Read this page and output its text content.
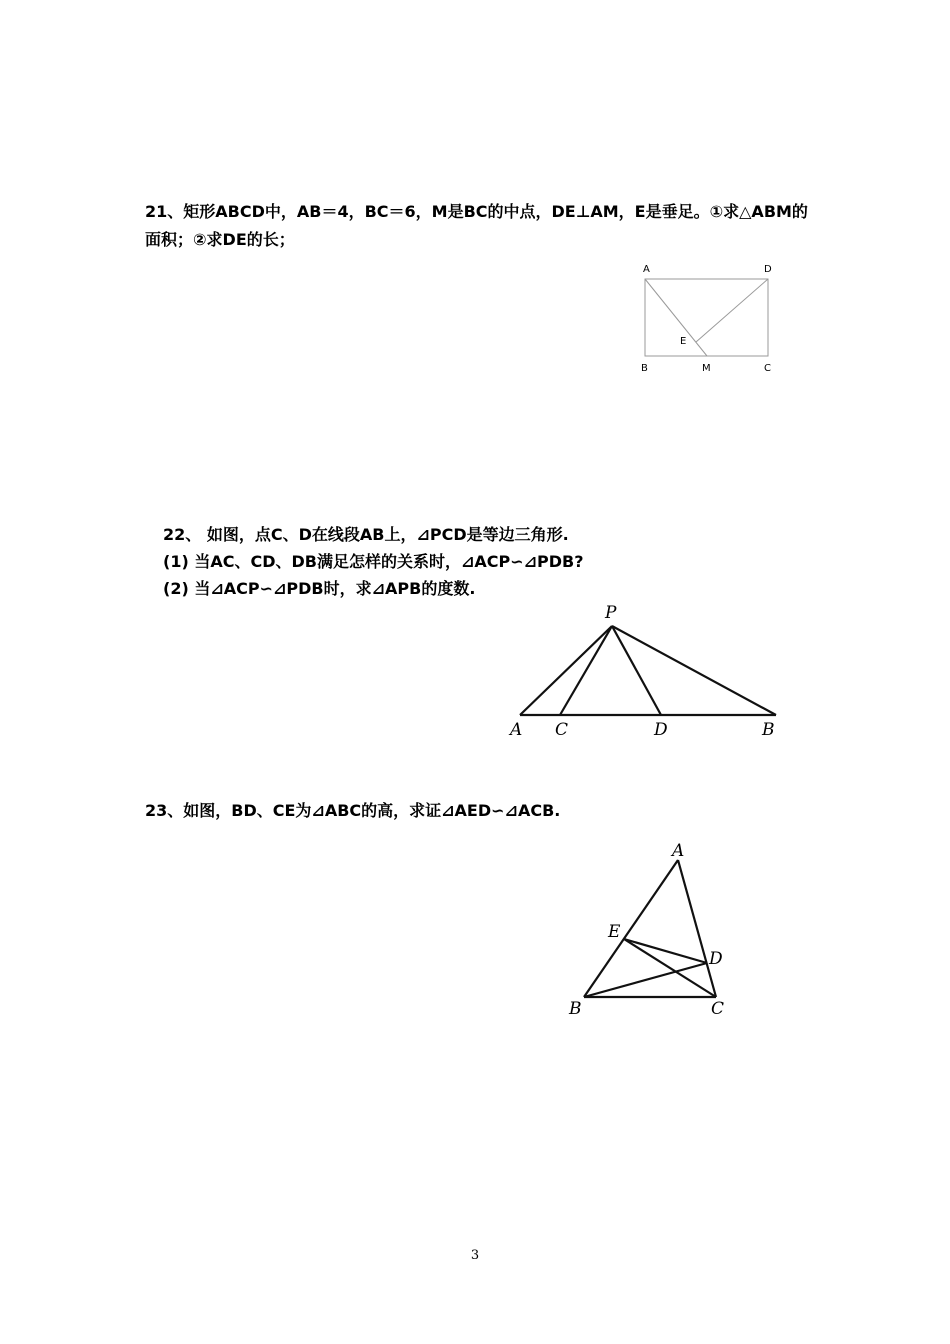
21、矩形ABCD中，AB＝4，BC＝6，M是BC的中点，DE⊥AM，E是垂足。①求△ABM的
面积；②求DE的长；
A	D
E
B	M	C
22、 如图，点C、D在线段AB上，⊿PCD是等边三角形.
(1) 当AC、CD、DB满足怎样的关系时，⊿ACP∽⊿PDB?
(2) 当⊿ACP∽⊿PDB时，求⊿APB的度数.
P
A C	D	B
23、如图，BD、CE为⊿ABC的高，求证⊿AED∽⊿ACB.
A
E
D
B	C
3
